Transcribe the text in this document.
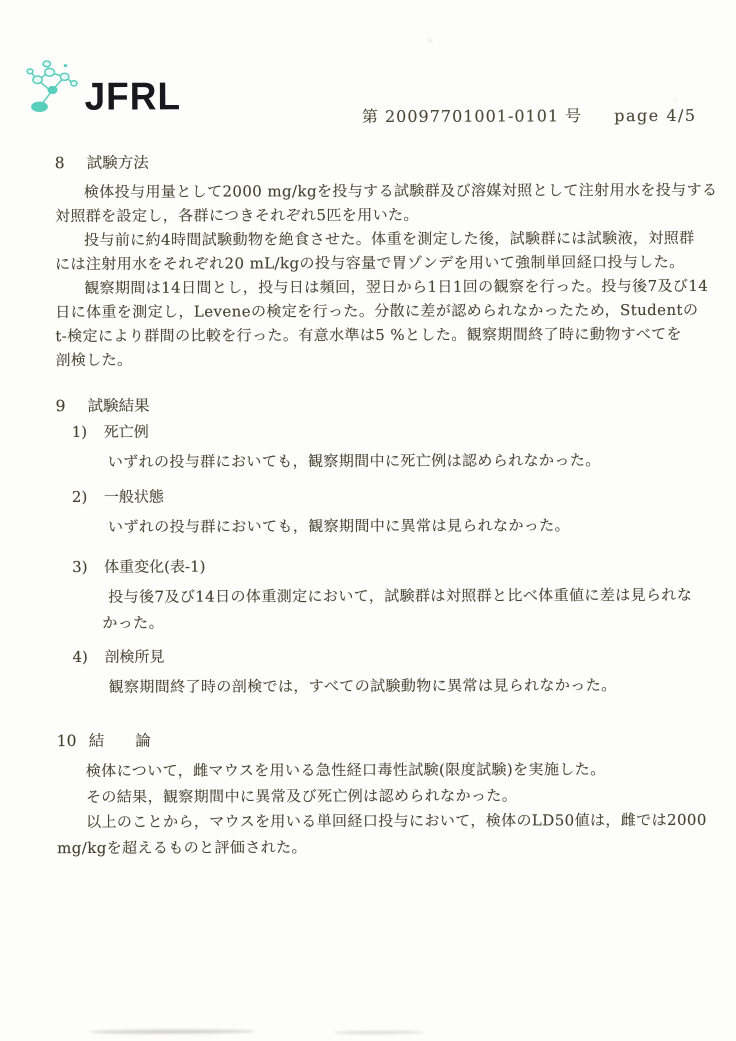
JFRL	第 20097701001-0101 号 page 4/5
8	試験方法
検体投与用量として2000 mg/kgを投与する試験群及び溶媒対照として注射用水を投与する
対照群を設定し，各群につきそれぞれ5匹を用いた。
投与前に約4時間試験動物を絶食させた。体重を測定した後，試験群には試験液，対照群
には注射用水をそれぞれ20 mL/kgの投与容量で胃ゾンデを用いて強制単回経口投与した。
観察期間は14日間とし，投与日は頻回，翌日から1日1回の観察を行った。投与後7及び14
日に体重を測定し，Leveneの検定を行った。分散に差が認められなかったため，Studentの
t-検定により群間の比較を行った。有意水準は5 %とした。観察期間終了時に動物すべてを
剖検した。
9	試験結果
1)	死亡例
いずれの投与群においても，観察期間中に死亡例は認められなかった。
2)	一般状態
いずれの投与群においても，観察期間中に異常は見られなかった。
3)	体重変化(表-1)
投与後7及び14日の体重測定において，試験群は対照群と比べ体重値に差は見られな
かった。
4)	剖検所見
観察期間終了時の剖検では，すべての試験動物に異常は見られなかった。
10 結　　論
検体について，雌マウスを用いる急性経口毒性試験(限度試験)を実施した。
その結果，観察期間中に異常及び死亡例は認められなかった。
以上のことから，マウスを用いる単回経口投与において，検体のLD50値は，雌では2000
mg/kgを超えるものと評価された。
